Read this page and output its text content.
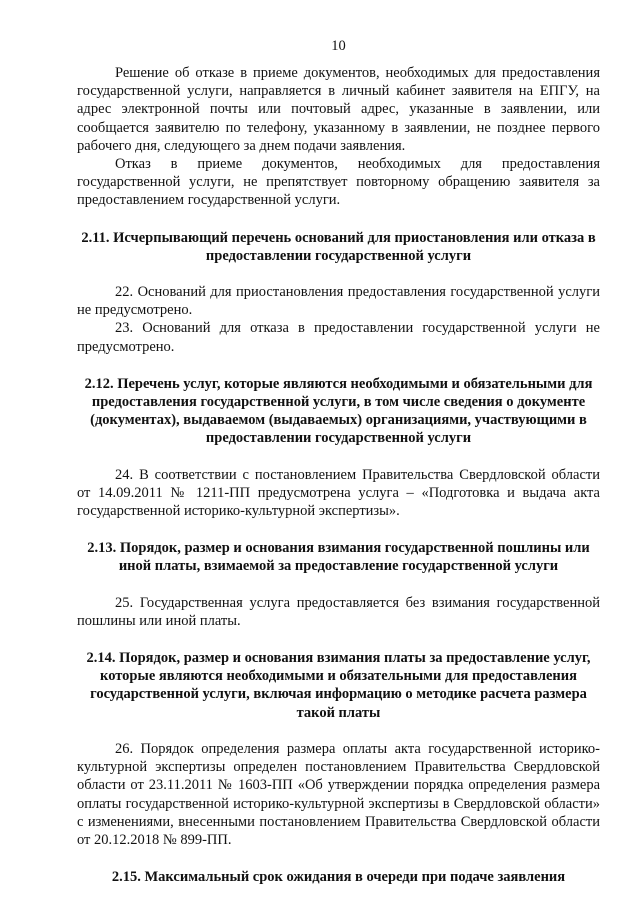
10

Решение об отказе в приеме документов, необходимых для предоставления государственной услуги, направляется в личный кабинет заявителя на ЕПГУ, на адрес электронной почты или почтовый адрес, указанные в заявлении, или сообщается заявителю по телефону, указанному в заявлении, не позднее первого рабочего дня, следующего за днем подачи заявления.

Отказ в приеме документов, необходимых для предоставления государственной услуги, не препятствует повторному обращению заявителя за предоставлением государственной услуги.

2.11. Исчерпывающий перечень оснований для приостановления или отказа в предоставлении государственной услуги

22. Оснований для приостановления предоставления государственной услуги не предусмотрено.

23. Оснований для отказа в предоставлении государственной услуги не предусмотрено.

2.12. Перечень услуг, которые являются необходимыми и обязательными для предоставления государственной услуги, в том числе сведения о документе (документах), выдаваемом (выдаваемых) организациями, участвующими в предоставлении государственной услуги

24. В соответствии с постановлением Правительства Свердловской области от 14.09.2011 № 1211-ПП предусмотрена услуга – «Подготовка и выдача акта государственной историко-культурной экспертизы».

2.13. Порядок, размер и основания взимания государственной пошлины или иной платы, взимаемой за предоставление государственной услуги

25. Государственная услуга предоставляется без взимания государственной пошлины или иной платы.

2.14. Порядок, размер и основания взимания платы за предоставление услуг, которые являются необходимыми и обязательными для предоставления государственной услуги, включая информацию о методике расчета размера такой платы

26. Порядок определения размера оплаты акта государственной историко-культурной экспертизы определен постановлением Правительства Свердловской области от 23.11.2011 № 1603-ПП «Об утверждении порядка определения размера оплаты государственной историко-культурной экспертизы в Свердловской области» с изменениями, внесенными постановлением Правительства Свердловской области от 20.12.2018 № 899-ПП.

2.15. Максимальный срок ожидания в очереди при подаче заявления
